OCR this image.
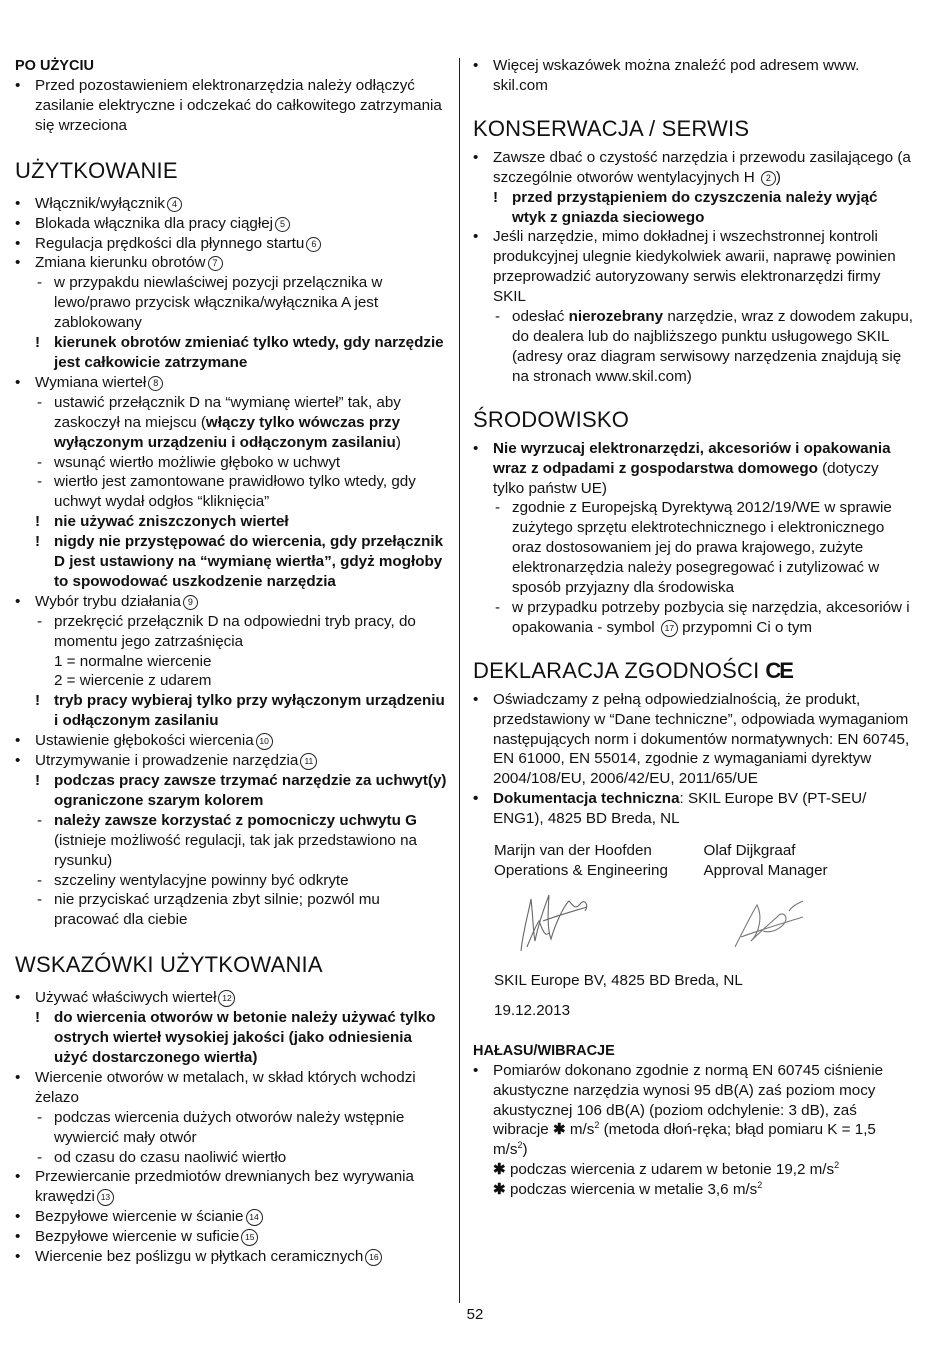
PO UŻYCIU
• Przed pozostawieniem elektronarzędzia należy odłączyć zasilanie elektryczne i odczekać do całkowitego zatrzymania się wrzeciona
UŻYTKOWANIE
• Włącznik/wyłącznik 4
• Blokada włącznika dla pracy ciągłej 5
• Regulacja prędkości dla płynnego startu 6
• Zmiana kierunku obrotów 7
- w przypakdu niewlaściwej pozycji przelącznika w lewo/prawo przycisk włącznika/wyłącznika A jest zablokowany
! kierunek obrotów zmieniać tylko wtedy, gdy narzędzie jest całkowicie zatrzymane
• Wymiana wierteł 8
- ustawić przełącznik D na “wymianę wierteł” tak, aby zaskoczył na miejscu (włączy tylko wówczas przy wyłączonym urządzeniu i odłączonym zasilaniu)
- wsunąć wiertło możliwie głęboko w uchwyt
- wiertło jest zamontowane prawidłowo tylko wtedy, gdy uchwyt wydał odgłos “kliknięcia”
! nie używać zniszczonych wierteł
! nigdy nie przystępować do wiercenia, gdy przełącznik D jest ustawiony na “wymianę wiertła”, gdyż mogłoby to spowodować uszkodzenie narzędzia
• Wybór trybu działania 9
- przekręcić przełącznik D na odpowiedni tryb pracy, do momentu jego zatrzaśnięcia
1 = normalne wiercenie
2 = wiercenie z udarem
! tryb pracy wybieraj tylko przy wyłączonym urządzeniu i odłączonym zasilaniu
• Ustawienie głębokości wiercenia 10
• Utrzymywanie i prowadzenie narzędzia 11
! podczas pracy zawsze trzymać narzędzie za uchwyt(y) ograniczone szarym kolorem
- należy zawsze korzystać z pomocniczy uchwytu G (istnieje możliwość regulacji, tak jak przedstawiono na rysunku)
- szczeliny wentylacyjne powinny być odkryte
- nie przyciskać urządzenia zbyt silnie; pozwól mu pracować dla ciebie
WSKAZÓWKI UŻYTKOWANIA
• Używać właściwych wierteł 12
! do wiercenia otworów w betonie należy używać tylko ostrych wierteł wysokiej jakości (jako odniesienia użyć dostarczonego wiertła)
• Wiercenie otworów w metalach, w skład których wchodzi żelazo
- podczas wiercenia dużych otworów należy wstępnie wywiercić mały otwór
- od czasu do czasu naoliwić wiertło
• Przewiercanie przedmiotów drewnianych bez wyrywania krawędzi 13
• Bezpyłowe wiercenie w ścianie 14
• Bezpyłowe wiercenie w suficie 15
• Wiercenie bez poślizgu w płytkach ceramicznych 16
• Więcej wskazówek można znaleźć pod adresem www. skil.com
KONSERWACJA / SERWIS
• Zawsze dbać o czystość narzędzia i przewodu zasilającego (a szczególnie otworów wentylacyjnych H 2 )
! przed przystąpieniem do czyszczenia należy wyjąć wtyk z gniazda sieciowego
• Jeśli narzędzie, mimo dokładnej i wszechstronnej kontroli produkcyjnej ulegnie kiedykolwiek awarii, naprawę powinien przeprowadzić autoryzowany serwis elektronarzędzi firmy SKIL
- odesłać nierozebrany narzędzie, wraz z dowodem zakupu, do dealera lub do najbliższego punktu usługowego SKIL (adresy oraz diagram serwisowy narzędzenia znajdują się na stronach www.skil.com)
ŚRODOWISKO
• Nie wyrzucaj elektronarzędzi, akcesoriów i opakowania wraz z odpadami z gospodarstwa domowego (dotyczy tylko państw UE)
- zgodnie z Europejską Dyrektywą 2012/19/WE w sprawie zużytego sprzętu elektrotechnicznego i elektronicznego oraz dostosowaniem jej do prawa krajowego, zużyte elektronarzędzia należy posegregować i zutylizować w sposób przyjazny dla środowiska
- w przypadku potrzeby pozbycia się narzędzia, akcesoriów i opakowania - symbol 17 przypomni Ci o tym
DEKLARACJA ZGODNOŚCI CE
• Oświadczamy z pełną odpowiedzialnością, że produkt, przedstawiony w “Dane techniczne”, odpowiada wymaganiom następujących norm i dokumentów normatywnych: EN 60745, EN 61000, EN 55014, zgodnie z wymaganiami dyrektyw 2004/108/EU, 2006/42/EU, 2011/65/UE
• Dokumentacja techniczna: SKIL Europe BV (PT-SEU/ ENG1), 4825 BD Breda, NL
Marijn van der Hoofden
Operations & Engineering
Olaf Dijkgraaf
Approval Manager
SKIL Europe BV, 4825 BD Breda, NL
19.12.2013
HAŁASU/WIBRACJE
• Pomiarów dokonano zgodnie z normą EN 60745 ciśnienie akustyczne narzędzia wynosi 95 dB(A) zaś poziom mocy akustycznej 106 dB(A) (poziom odchylenie: 3 dB), zaś wibracje ✱ $m/s^2$ (metoda dłoń-ręka; błąd pomiaru K = 1,5 $m/s^2$)
✱ podczas wiercenia z udarem w betonie 19,2 $m/s^2$
✱ podczas wiercenia w metalie 3,6 $m/s^2$
52
